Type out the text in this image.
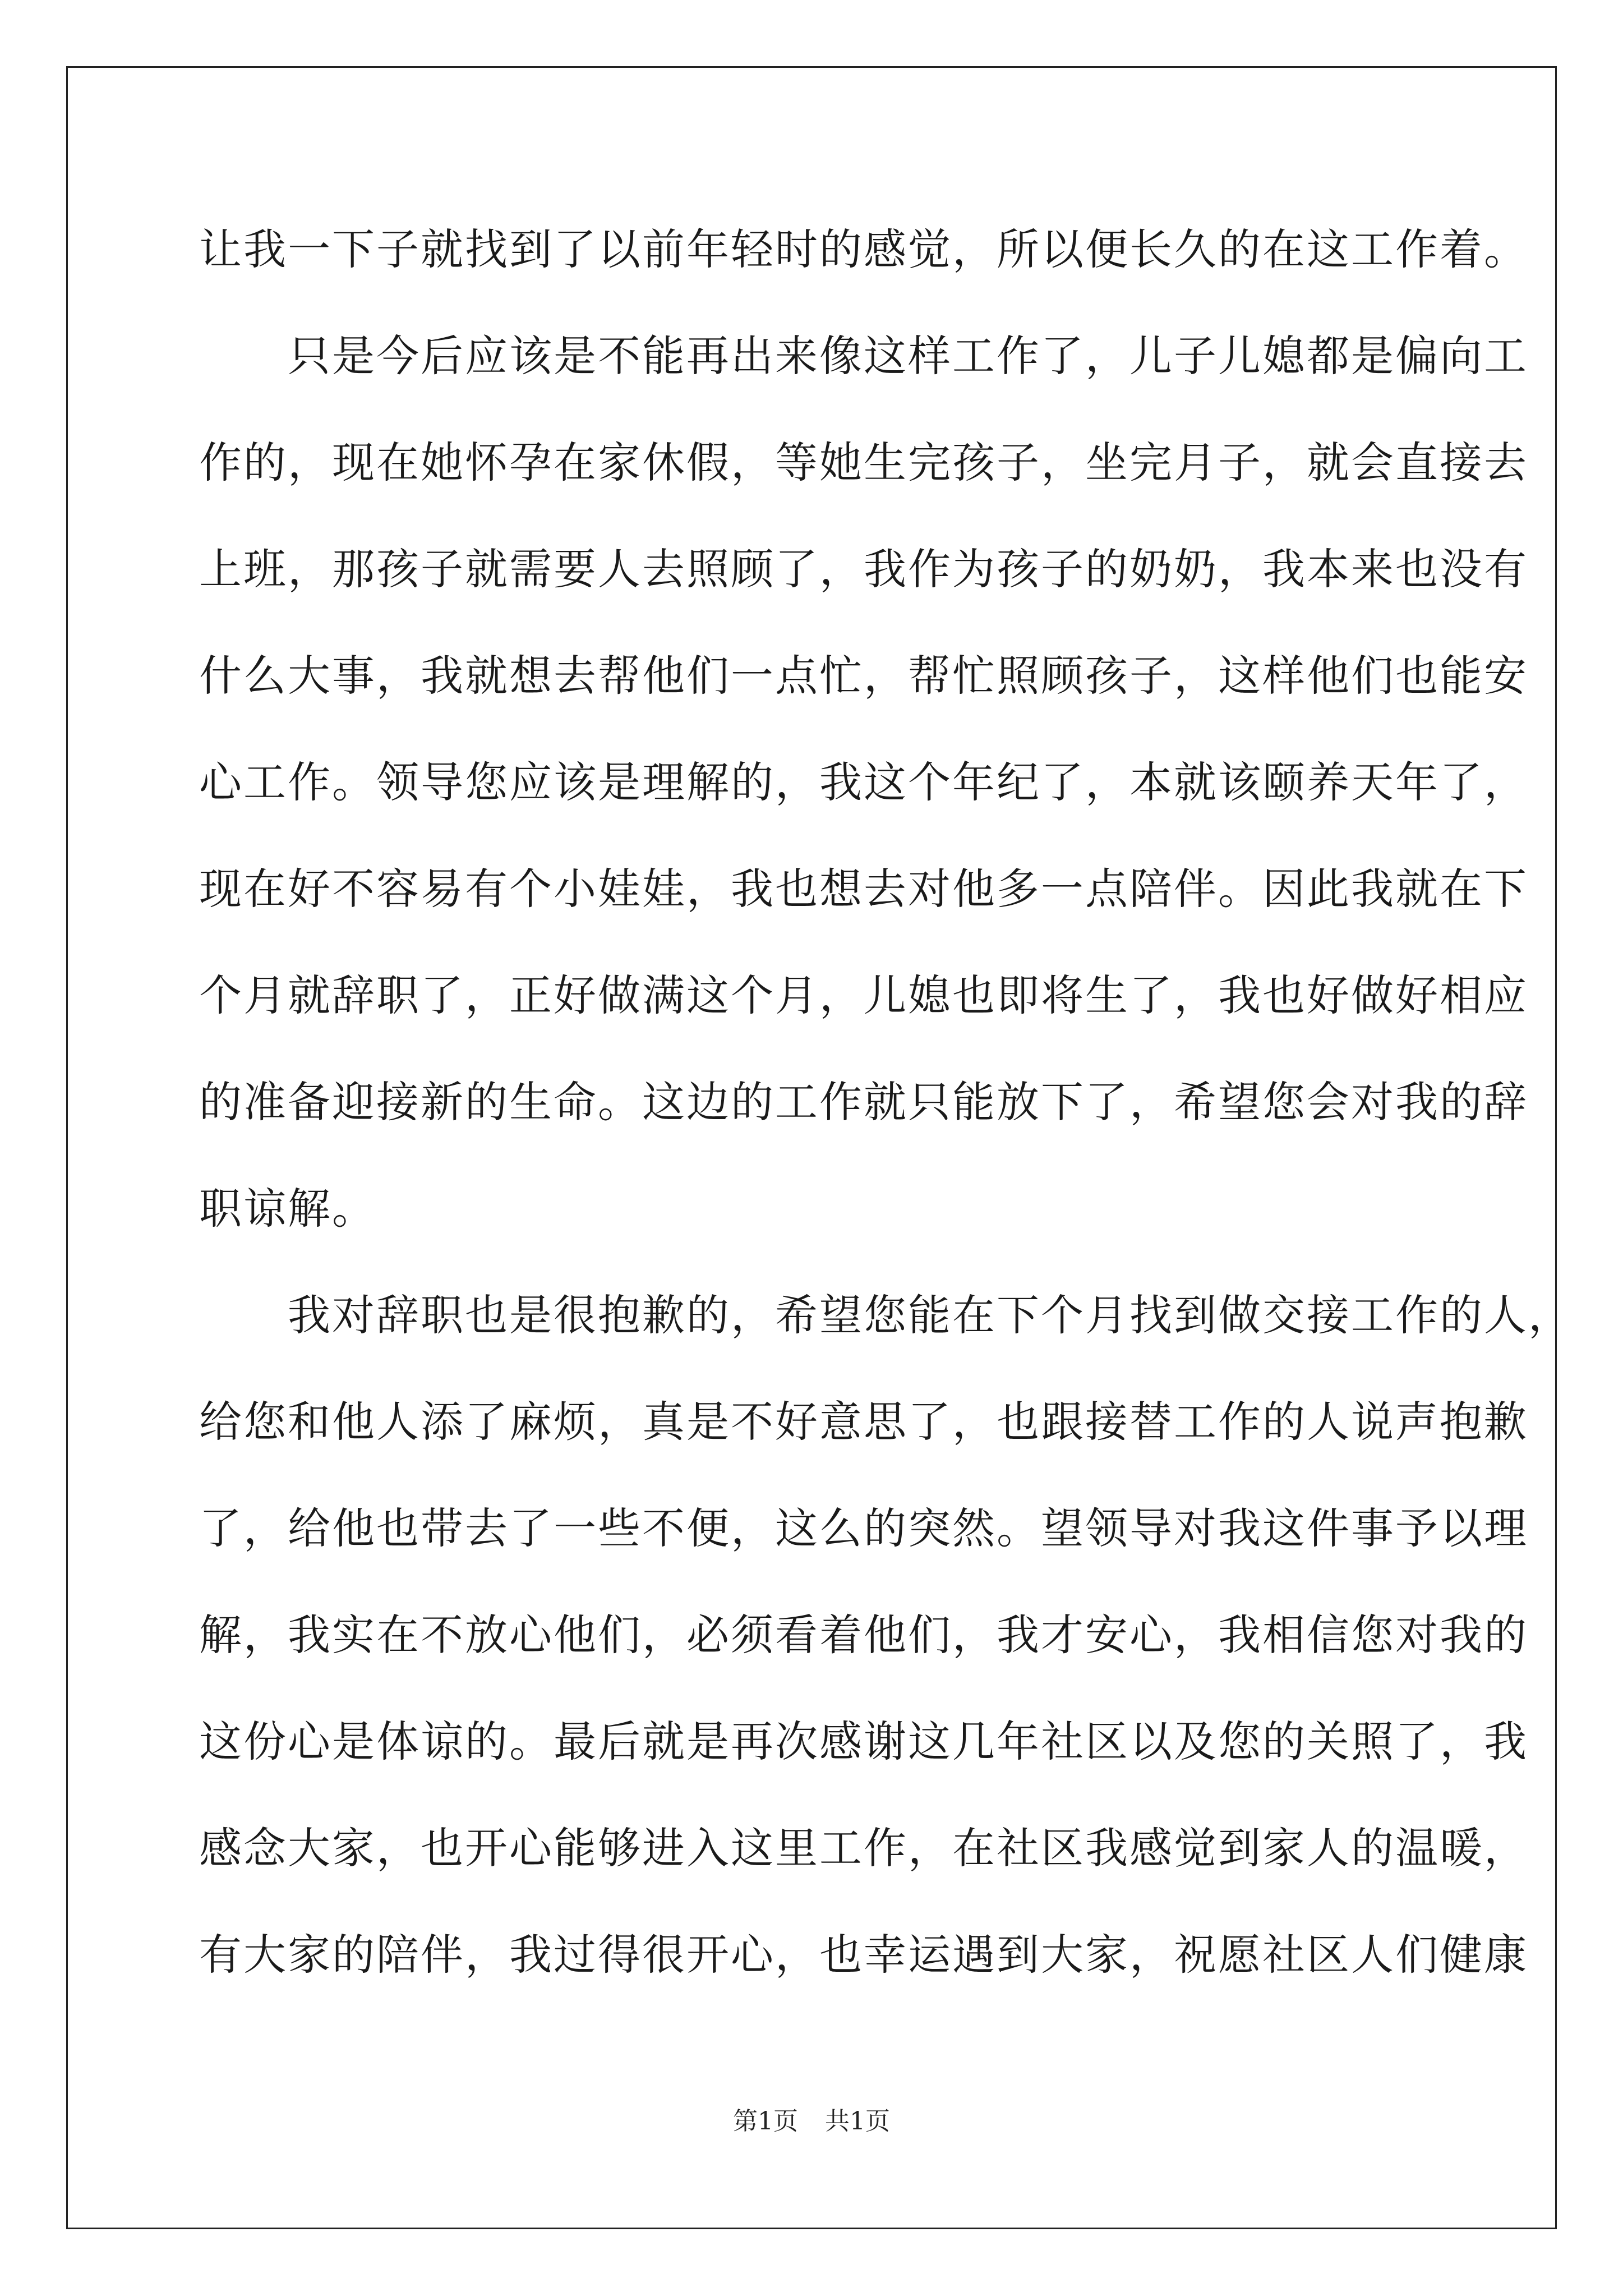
让我一下子就找到了以前年轻时的感觉，所以便长久的在这工作着。
　　只是今后应该是不能再出来像这样工作了，儿子儿媳都是偏向工
作的，现在她怀孕在家休假，等她生完孩子，坐完月子，就会直接去
上班，那孩子就需要人去照顾了，我作为孩子的奶奶，我本来也没有
什么大事，我就想去帮他们一点忙，帮忙照顾孩子，这样他们也能安
心工作。领导您应该是理解的，我这个年纪了，本就该颐养天年了，
现在好不容易有个小娃娃，我也想去对他多一点陪伴。因此我就在下
个月就辞职了，正好做满这个月，儿媳也即将生了，我也好做好相应
的准备迎接新的生命。这边的工作就只能放下了，希望您会对我的辞
职谅解。
　　我对辞职也是很抱歉的，希望您能在下个月找到做交接工作的人，
给您和他人添了麻烦，真是不好意思了，也跟接替工作的人说声抱歉
了，给他也带去了一些不便，这么的突然。望领导对我这件事予以理
解，我实在不放心他们，必须看着他们，我才安心，我相信您对我的
这份心是体谅的。最后就是再次感谢这几年社区以及您的关照了，我
感念大家，也开心能够进入这里工作，在社区我感觉到家人的温暖，
有大家的陪伴，我过得很开心，也幸运遇到大家，祝愿社区人们健康
第1页 共1页
